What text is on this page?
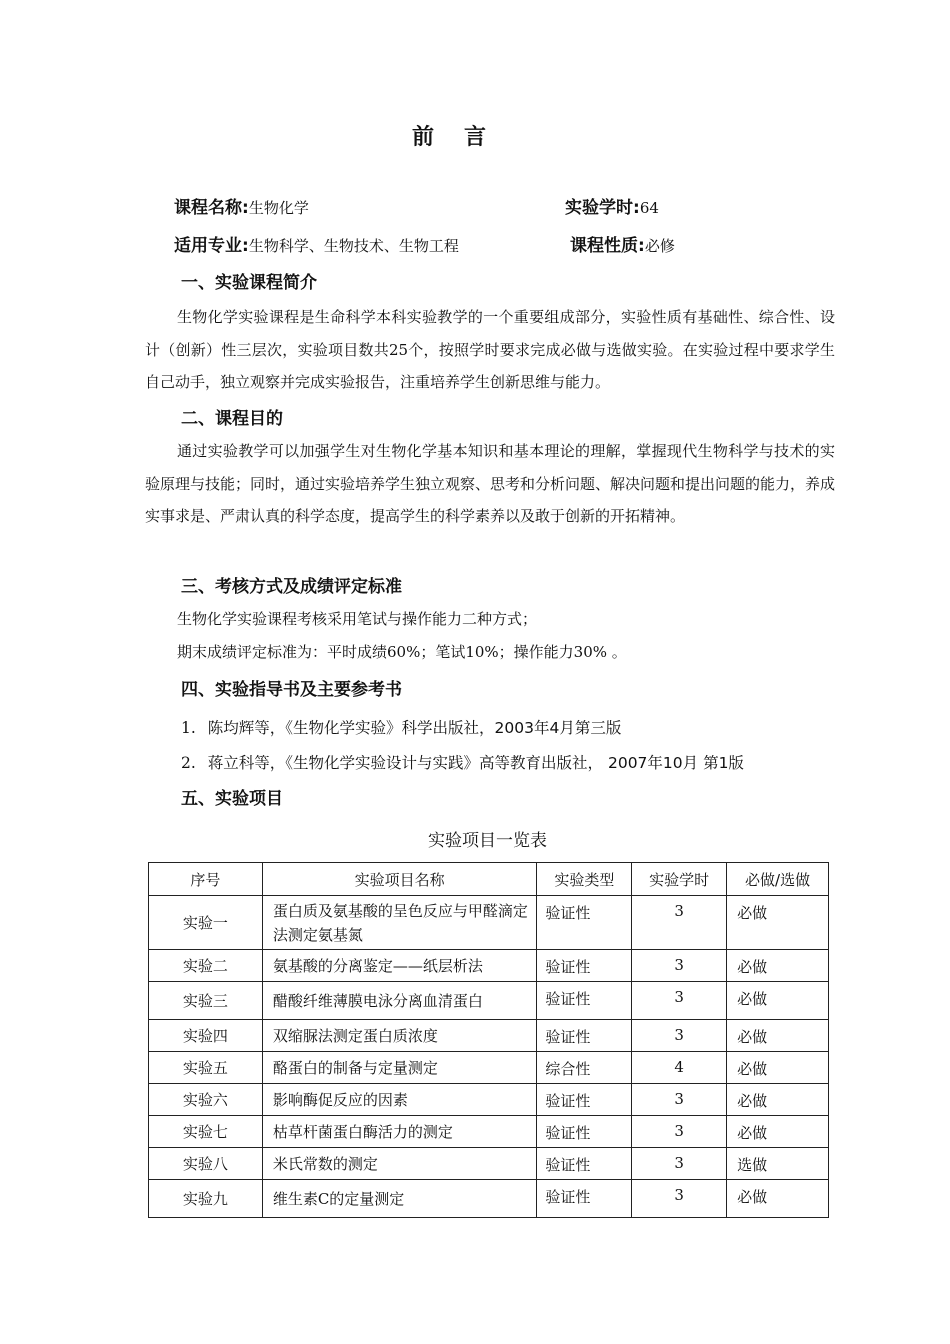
前 言
课程名称:生物化学	实验学时:64
适用专业:生物科学、生物技术、生物工程	课程性质:必修
一、实验课程简介
生物化学实验课程是生命科学本科实验教学的一个重要组成部分，实验性质有基础性、综合性、设计（创新）性三层次，实验项目数共25个，按照学时要求完成必做与选做实验。在实验过程中要求学生自己动手，独立观察并完成实验报告，注重培养学生创新思维与能力。
二、课程目的
通过实验教学可以加强学生对生物化学基本知识和基本理论的理解，掌握现代生物科学与技术的实验原理与技能；同时，通过实验培养学生独立观察、思考和分析问题、解决问题和提出问题的能力，养成实事求是、严肃认真的科学态度，提高学生的科学素养以及敢于创新的开拓精神。
三、考核方式及成绩评定标准
生物化学实验课程考核采用笔试与操作能力二种方式；
期末成绩评定标准为：平时成绩60%；笔试10%；操作能力30% 。
四、实验指导书及主要参考书
1. 陈均辉等，《生物化学实验》科学出版社，2003年4月第三版
2. 蒋立科等，《生物化学实验设计与实践》高等教育出版社， 2007年10月 第1版
五、实验项目
实验项目一览表
序号	实验项目名称	实验类型	实验学时	必做/选做
实验一	蛋白质及氨基酸的呈色反应与甲醛滴定法测定氨基氮	验证性	3	必做
实验二	氨基酸的分离鉴定——纸层析法	验证性	3	必做
实验三	醋酸纤维薄膜电泳分离血清蛋白	验证性	3	必做
实验四	双缩脲法测定蛋白质浓度	验证性	3	必做
实验五	酪蛋白的制备与定量测定	综合性	4	必做
实验六	影响酶促反应的因素	验证性	3	必做
实验七	枯草杆菌蛋白酶活力的测定	验证性	3	必做
实验八	米氏常数的测定	验证性	3	选做
实验九	维生素C的定量测定	验证性	3	必做
